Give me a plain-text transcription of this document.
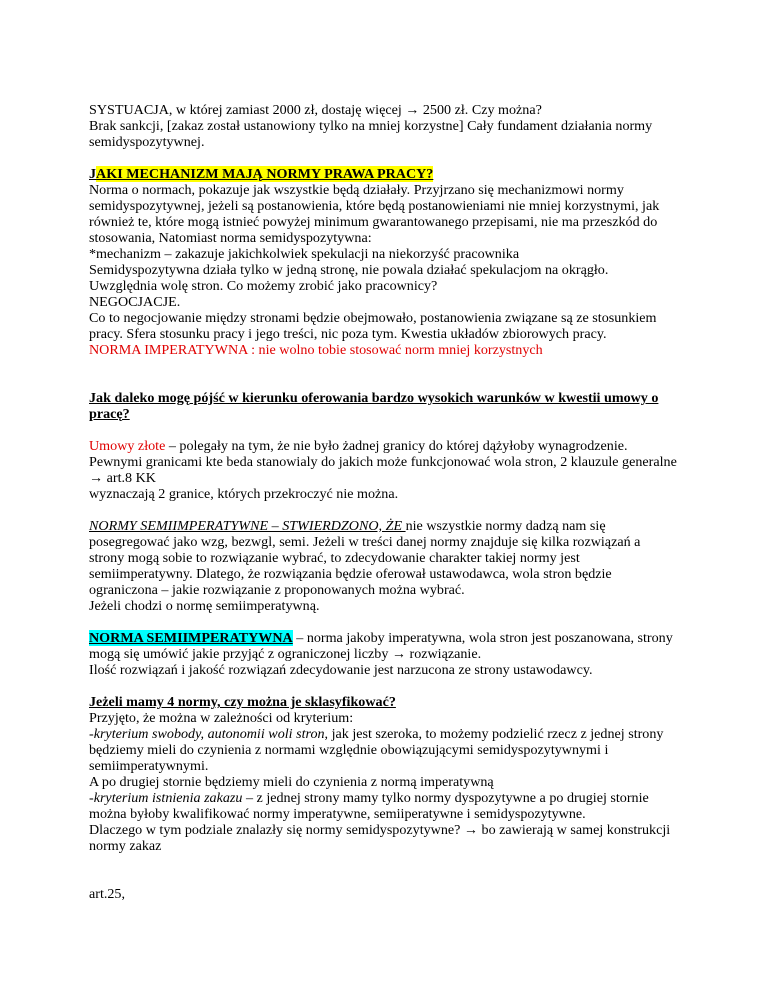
SYSTUACJA, w której zamiast 2000 zł, dostaję więcej → 2500 zł. Czy można?

Brak sankcji, [zakaz został ustanowiony tylko na mniej korzystne] Cały fundament działania normy semidyspozytywnej.

JAKI MECHANIZM MAJĄ NORMY PRAWA PRACY?

Norma o normach, pokazuje jak wszystkie będą działały. Przyjrzano się mechanizmowi normy semidyspozytywnej, jeżeli są postanowienia, które będą postanowieniami nie mniej korzystnymi, jak również te, które mogą istnieć powyżej minimum gwarantowanego przepisami, nie ma przeszkód do stosowania, Natomiast norma semidyspozytywna:

*mechanizm – zakazuje jakichkolwiek spekulacji na niekorzyść pracownika

Semidyspozytywna działa tylko w jedną stronę, nie powala działać spekulacjom na okrągło. Uwzględnia wolę stron. Co możemy zrobić jako pracownicy?

NEGOCJACJE.

Co to negocjowanie między stronami będzie obejmowało, postanowienia związane są ze stosunkiem pracy. Sfera stosunku pracy i jego treści, nic poza tym. Kwestia układów zbiorowych pracy.

NORMA IMPERATYWNA : nie wolno tobie stosować norm mniej korzystnych

Jak daleko mogę pójść w kierunku oferowania bardzo wysokich warunków w kwestii umowy o pracę?

Umowy złote – polegały na tym, że nie było żadnej granicy do której dążyłoby wynagrodzenie.

Pewnymi granicami kte beda stanowialy do jakich może funkcjonować wola stron, 2 klauzule generalne → art.8 KK

wyznaczają 2 granice, których przekroczyć nie można.

NORMY SEMIIMPERATYWNE – STWIERDZONO, ŻE nie wszystkie normy dadzą nam się posegregować jako wzg, bezwgl, semi. Jeżeli w treści danej normy znajduje się kilka rozwiązań a strony mogą sobie to rozwiązanie wybrać, to zdecydowanie charakter takiej normy jest semiimperatywny. Dlatego, że rozwiązania będzie oferował ustawodawca, wola stron będzie ograniczona – jakie rozwiązanie z proponowanych można wybrać.

Jeżeli chodzi o normę semiimperatywną.

NORMA SEMIIMPERATYWNA – norma jakoby imperatywna, wola stron jest poszanowana, strony mogą się umówić jakie przyjąć z ograniczonej liczby → rozwiązanie.

Ilość rozwiązań i jakość rozwiązań zdecydowanie jest narzucona ze strony ustawodawcy.

Jeżeli mamy 4 normy, czy można je sklasyfikować?

Przyjęto, że można w zależności od kryterium:

-kryterium swobody, autonomii woli stron, jak jest szeroka, to możemy podzielić rzecz z jednej strony będziemy mieli do czynienia z normami względnie obowiązującymi semidyspozytywnymi i semiimperatywnymi.

A po drugiej stornie będziemy mieli do czynienia z normą imperatywną

-kryterium istnienia zakazu – z jednej strony mamy tylko normy dyspozytywne a po drugiej stornie można byłoby kwalifikować normy imperatywne, semiiperatywne i semidyspozytywne.

Dlaczego w tym podziale znalazły się normy semidyspozytywne? → bo zawierają w samej konstrukcji normy zakaz

art.25,
